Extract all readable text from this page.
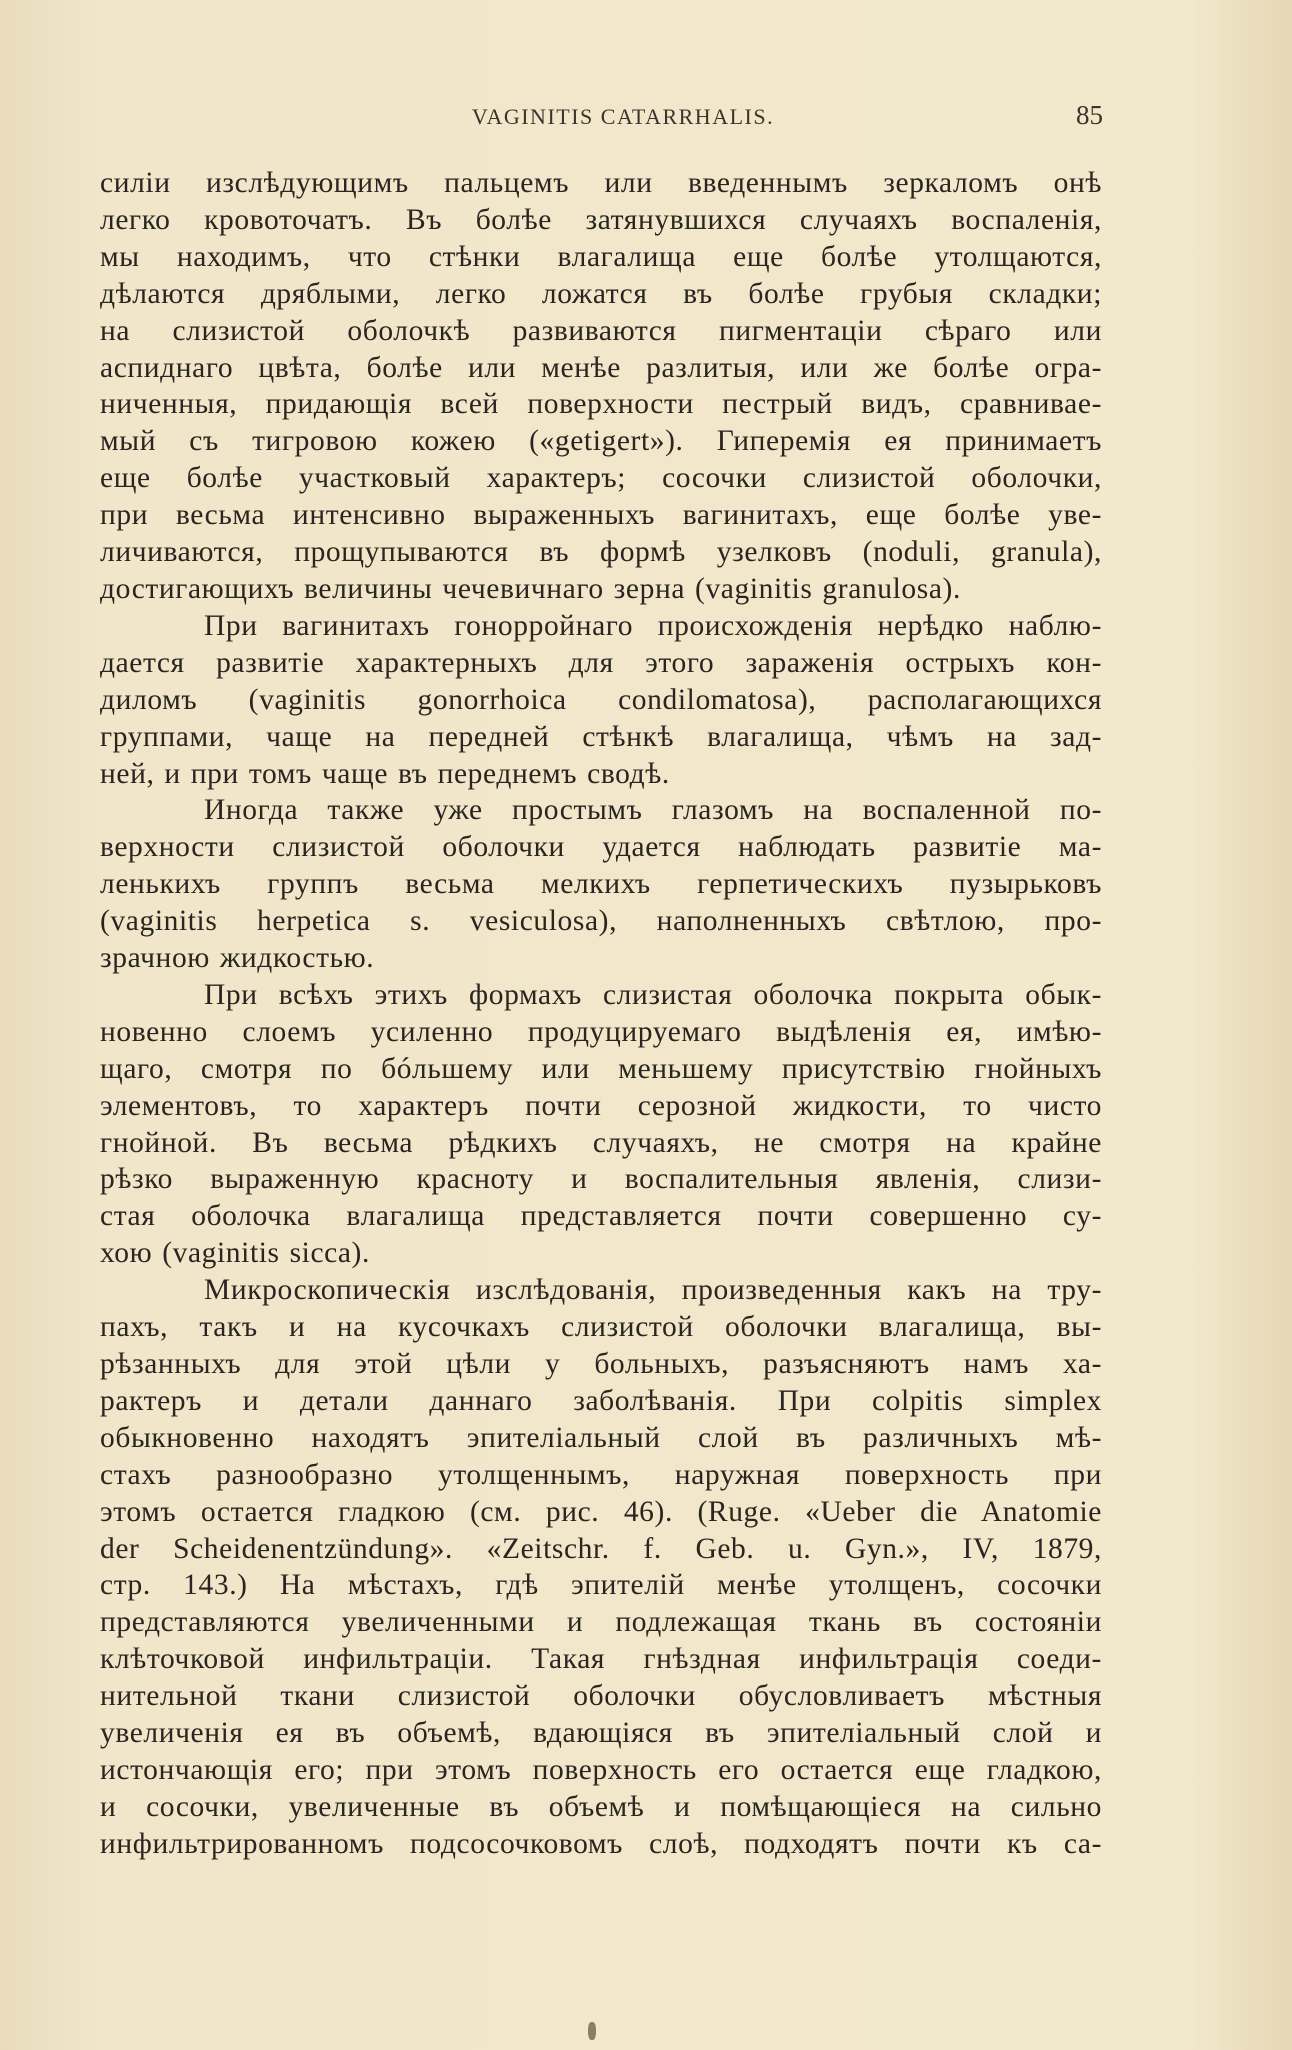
VAGINITIS CATARRHALIS.	85
силіи изслѣдующимъ пальцемъ или введеннымъ зеркаломъ онѣ
легко кровоточатъ. Въ болѣе затянувшихся случаяхъ воспаленія,
мы находимъ, что стѣнки влагалища еще болѣе утолщаются,
дѣлаются дряблыми, легко ложатся въ болѣе грубыя складки;
на слизистой оболочкѣ развиваются пигментаціи сѣраго или
аспиднаго цвѣта, болѣе или менѣе разлитыя, или же болѣе огра-
ниченныя, придающія всей поверхности пестрый видъ, сравнивае-
мый съ тигровою кожею («getigert»). Гиперемія ея принимаетъ
еще болѣе участковый характеръ; сосочки слизистой оболочки,
при весьма интенсивно выраженныхъ вагинитахъ, еще болѣе уве-
личиваются, прощупываются въ формѣ узелковъ (noduli, granula),
достигающихъ величины чечевичнаго зерна (vaginitis granulosa).
При вагинитахъ гонорройнаго происхожденія нерѣдко наблю-
дается развитіе характерныхъ для этого зараженія острыхъ кон-
диломъ (vaginitis gonorrhoica condilomatosa), располагающихся
группами, чаще на передней стѣнкѣ влагалища, чѣмъ на зад-
ней, и при томъ чаще въ переднемъ сводѣ.
Иногда также уже простымъ глазомъ на воспаленной по-
верхности слизистой оболочки удается наблюдать развитіе ма-
ленькихъ группъ весьма мелкихъ герпетическихъ пузырьковъ
(vaginitis herpetica s. vesiculosa), наполненныхъ свѣтлою, про-
зрачною жидкостью.
При всѣхъ этихъ формахъ слизистая оболочка покрыта обык-
новенно слоемъ усиленно продуцируемаго выдѣленія ея, имѣю-
щаго, смотря по бóльшему или меньшему присутствію гнойныхъ
элементовъ, то характеръ почти серозной жидкости, то чисто
гнойной. Въ весьма рѣдкихъ случаяхъ, не смотря на крайне
рѣзко выраженную красноту и воспалительныя явленія, слизи-
стая оболочка влагалища представляется почти совершенно су-
хою (vaginitis sicca).
Микроскопическія изслѣдованія, произведенныя какъ на тру-
пахъ, такъ и на кусочкахъ слизистой оболочки влагалища, вы-
рѣзанныхъ для этой цѣли у больныхъ, разъясняютъ намъ ха-
рактеръ и детали даннаго заболѣванія. При colpitis simplex
обыкновенно находятъ эпителіальный слой въ различныхъ мѣ-
стахъ разнообразно утолщеннымъ, наружная поверхность при
этомъ остается гладкою (см. рис. 46). (Ruge. «Ueber die Anatomie
der Scheidenentzündung». «Zeitschr. f. Geb. u. Gyn.», IV, 1879,
стр. 143.) На мѣстахъ, гдѣ эпителій менѣе утолщенъ, сосочки
представляются увеличенными и подлежащая ткань въ состояніи
клѣточковой инфильтраціи. Такая гнѣздная инфильтрація соеди-
нительной ткани слизистой оболочки обусловливаетъ мѣстныя
увеличенія ея въ объемѣ, вдающіяся въ эпителіальный слой и
истончающія его; при этомъ поверхность его остается еще гладкою,
и сосочки, увеличенные въ объемѣ и помѣщающіеся на сильно
инфильтрированномъ подсосочковомъ слоѣ, подходятъ почти къ са-
